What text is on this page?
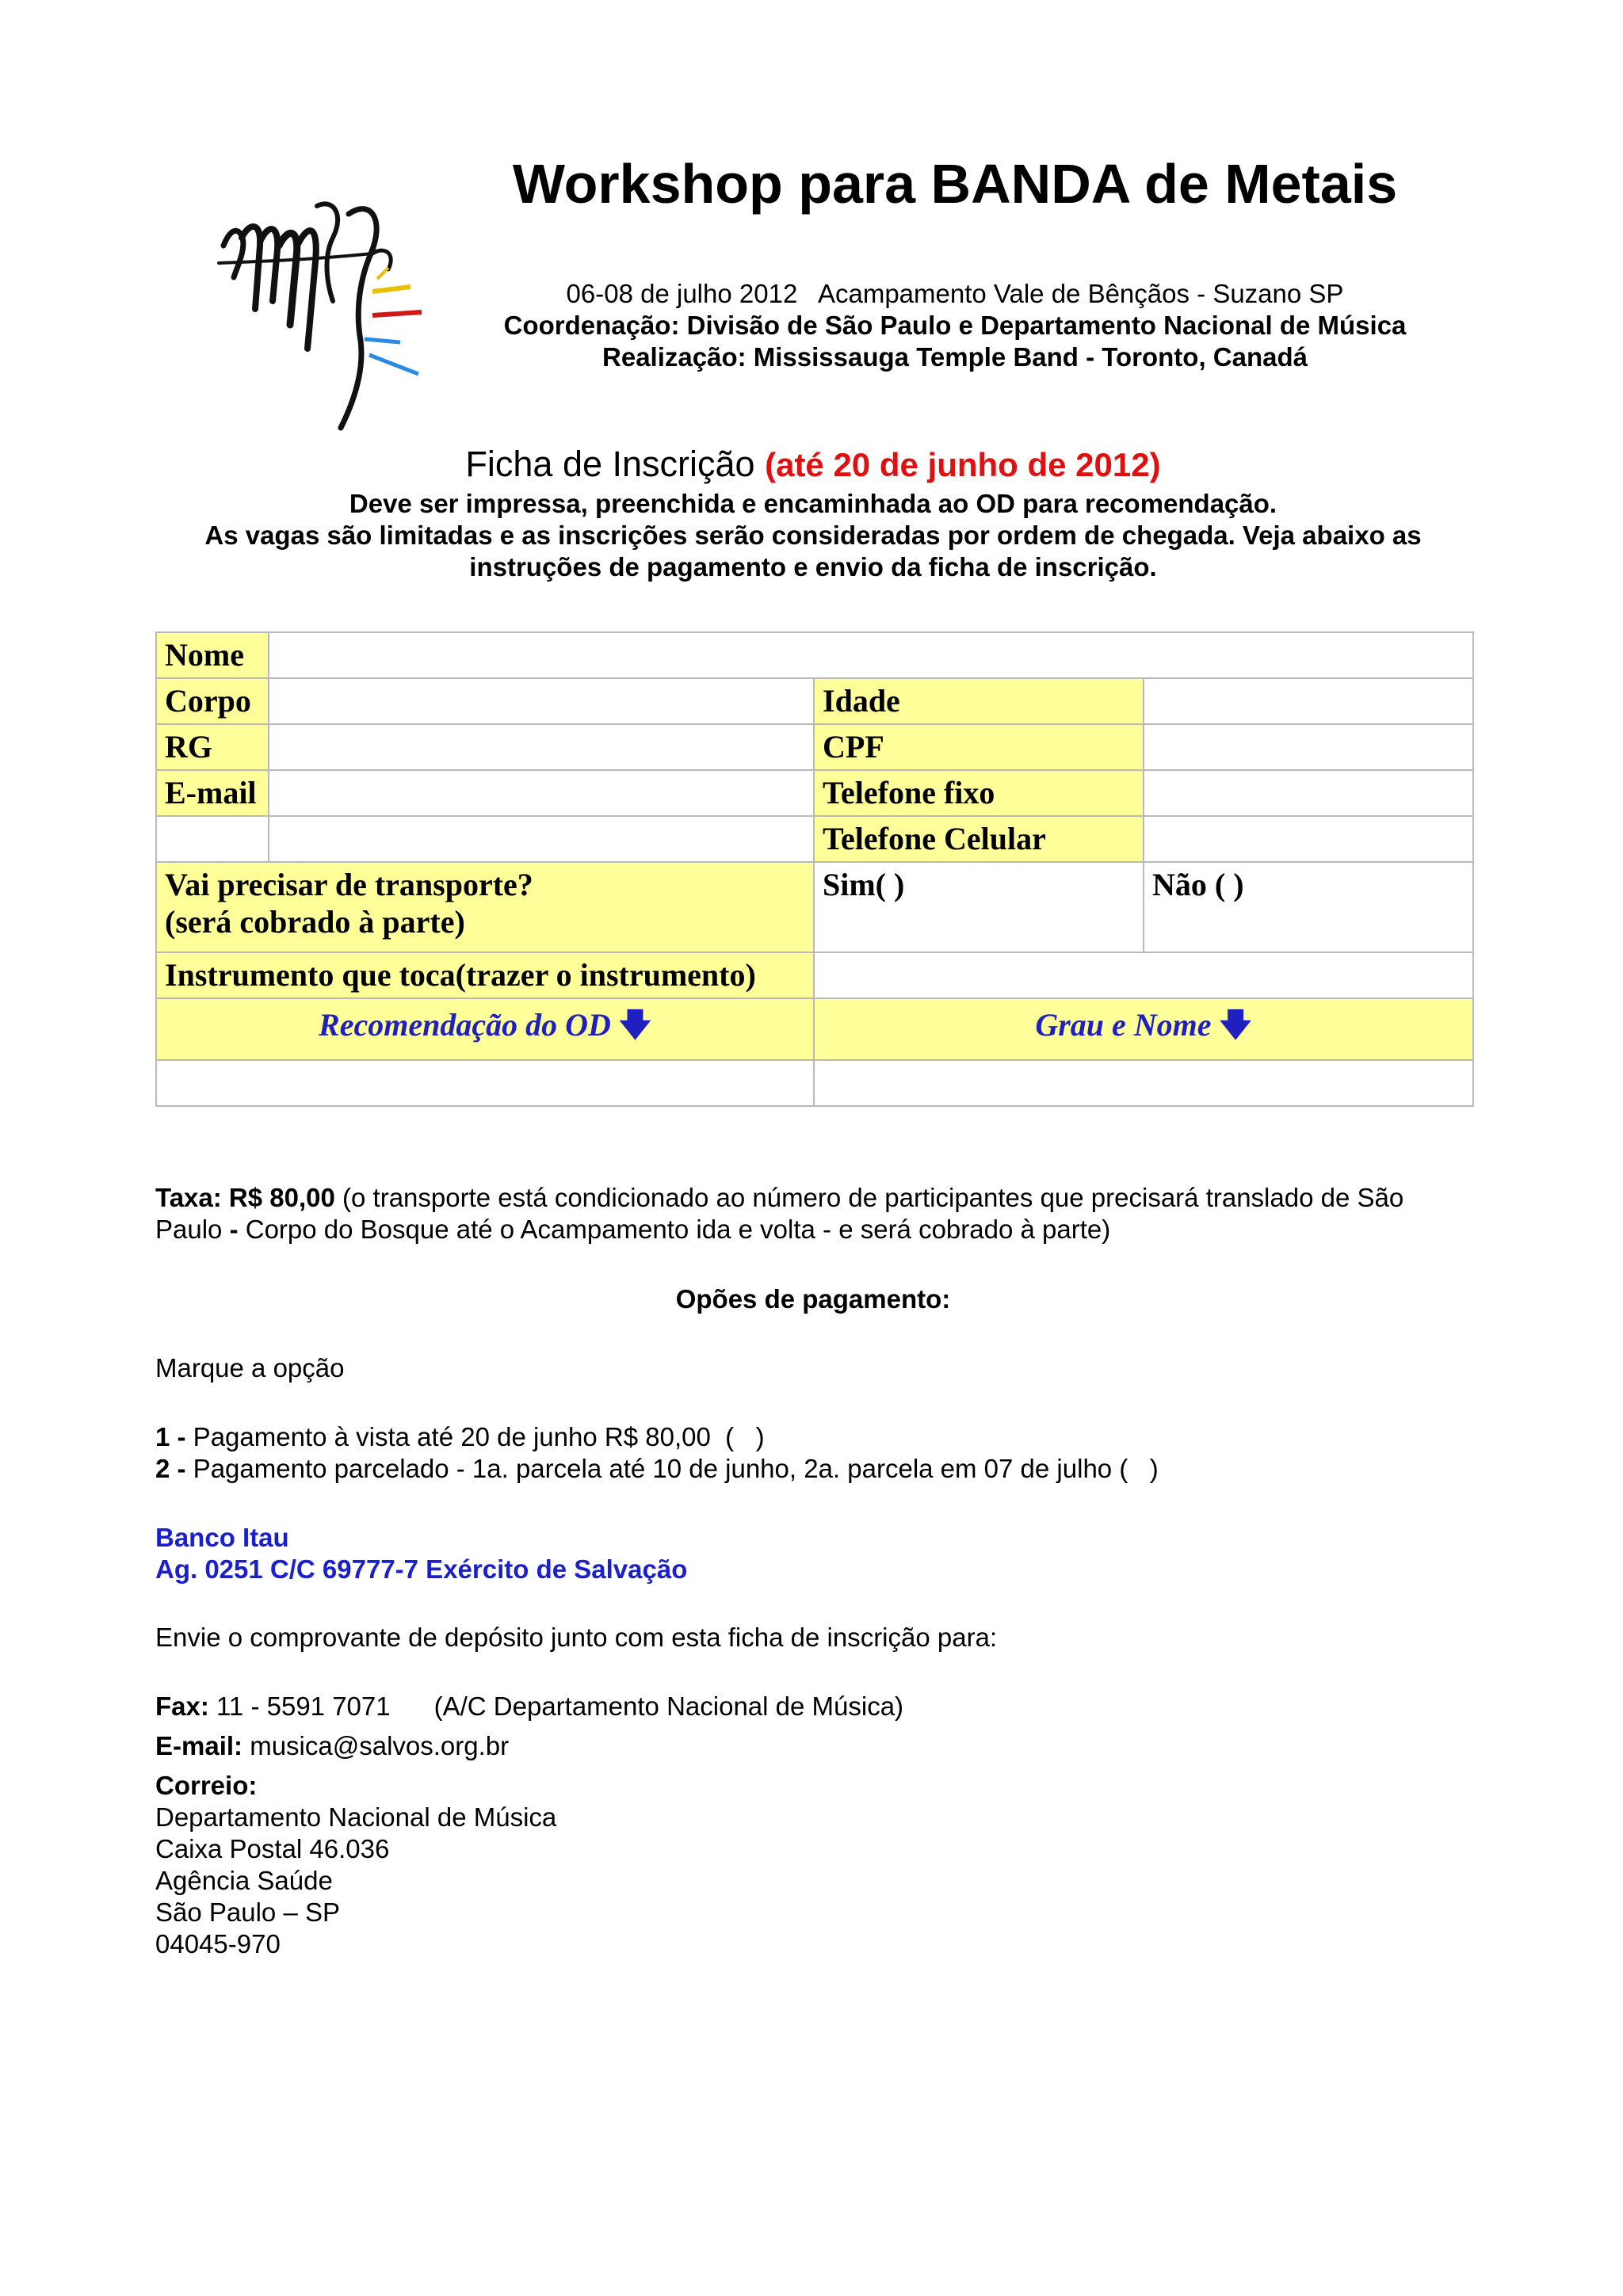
Workshop para BANDA de Metais
06-08 de julho 2012   Acampamento Vale de Bênçãos - Suzano SP
Coordenação: Divisão de São Paulo e Departamento Nacional de Música
Realização: Mississauga Temple Band - Toronto, Canadá
Ficha de Inscrição (até 20 de junho de 2012)
Deve ser impressa, preenchida e encaminhada ao OD para recomendação.
As vagas são limitadas e as inscrições serão consideradas por ordem de chegada. Veja abaixo as
instruções de pagamento e envio da ficha de inscrição.
Nome			
Corpo		Idade	
RG		CPF	
E-mail		Telefone fixo	
		Telefone Celular	

Vai precisar de transporte?
(será cobrado à parte)		Sim( )	Não ( )
Instrumento que toca(trazer o instrumento)			
Recomendação do OD 🡇		Grau e Nome 🡇	

Taxa: R$ 80,00 (o transporte está condicionado ao número de participantes que precisará translado de São
Paulo - Corpo do Bosque até o Acampamento ida e volta - e será cobrado à parte)
Opões de pagamento:
Marque a opção
1 - Pagamento à vista até 20 de junho R$ 80,00  (   )
2 - Pagamento parcelado - 1a. parcela até 10 de junho, 2a. parcela em 07 de julho (   )
Banco Itau
Ag. 0251 C/C 69777-7 Exército de Salvação
Envie o comprovante de depósito junto com esta ficha de inscrição para:
Fax: 11 - 5591 7071      (A/C Departamento Nacional de Música)
E-mail: musica@salvos.org.br
Correio:
Departamento Nacional de Música
Caixa Postal 46.036
Agência Saúde
São Paulo – SP
04045-970
